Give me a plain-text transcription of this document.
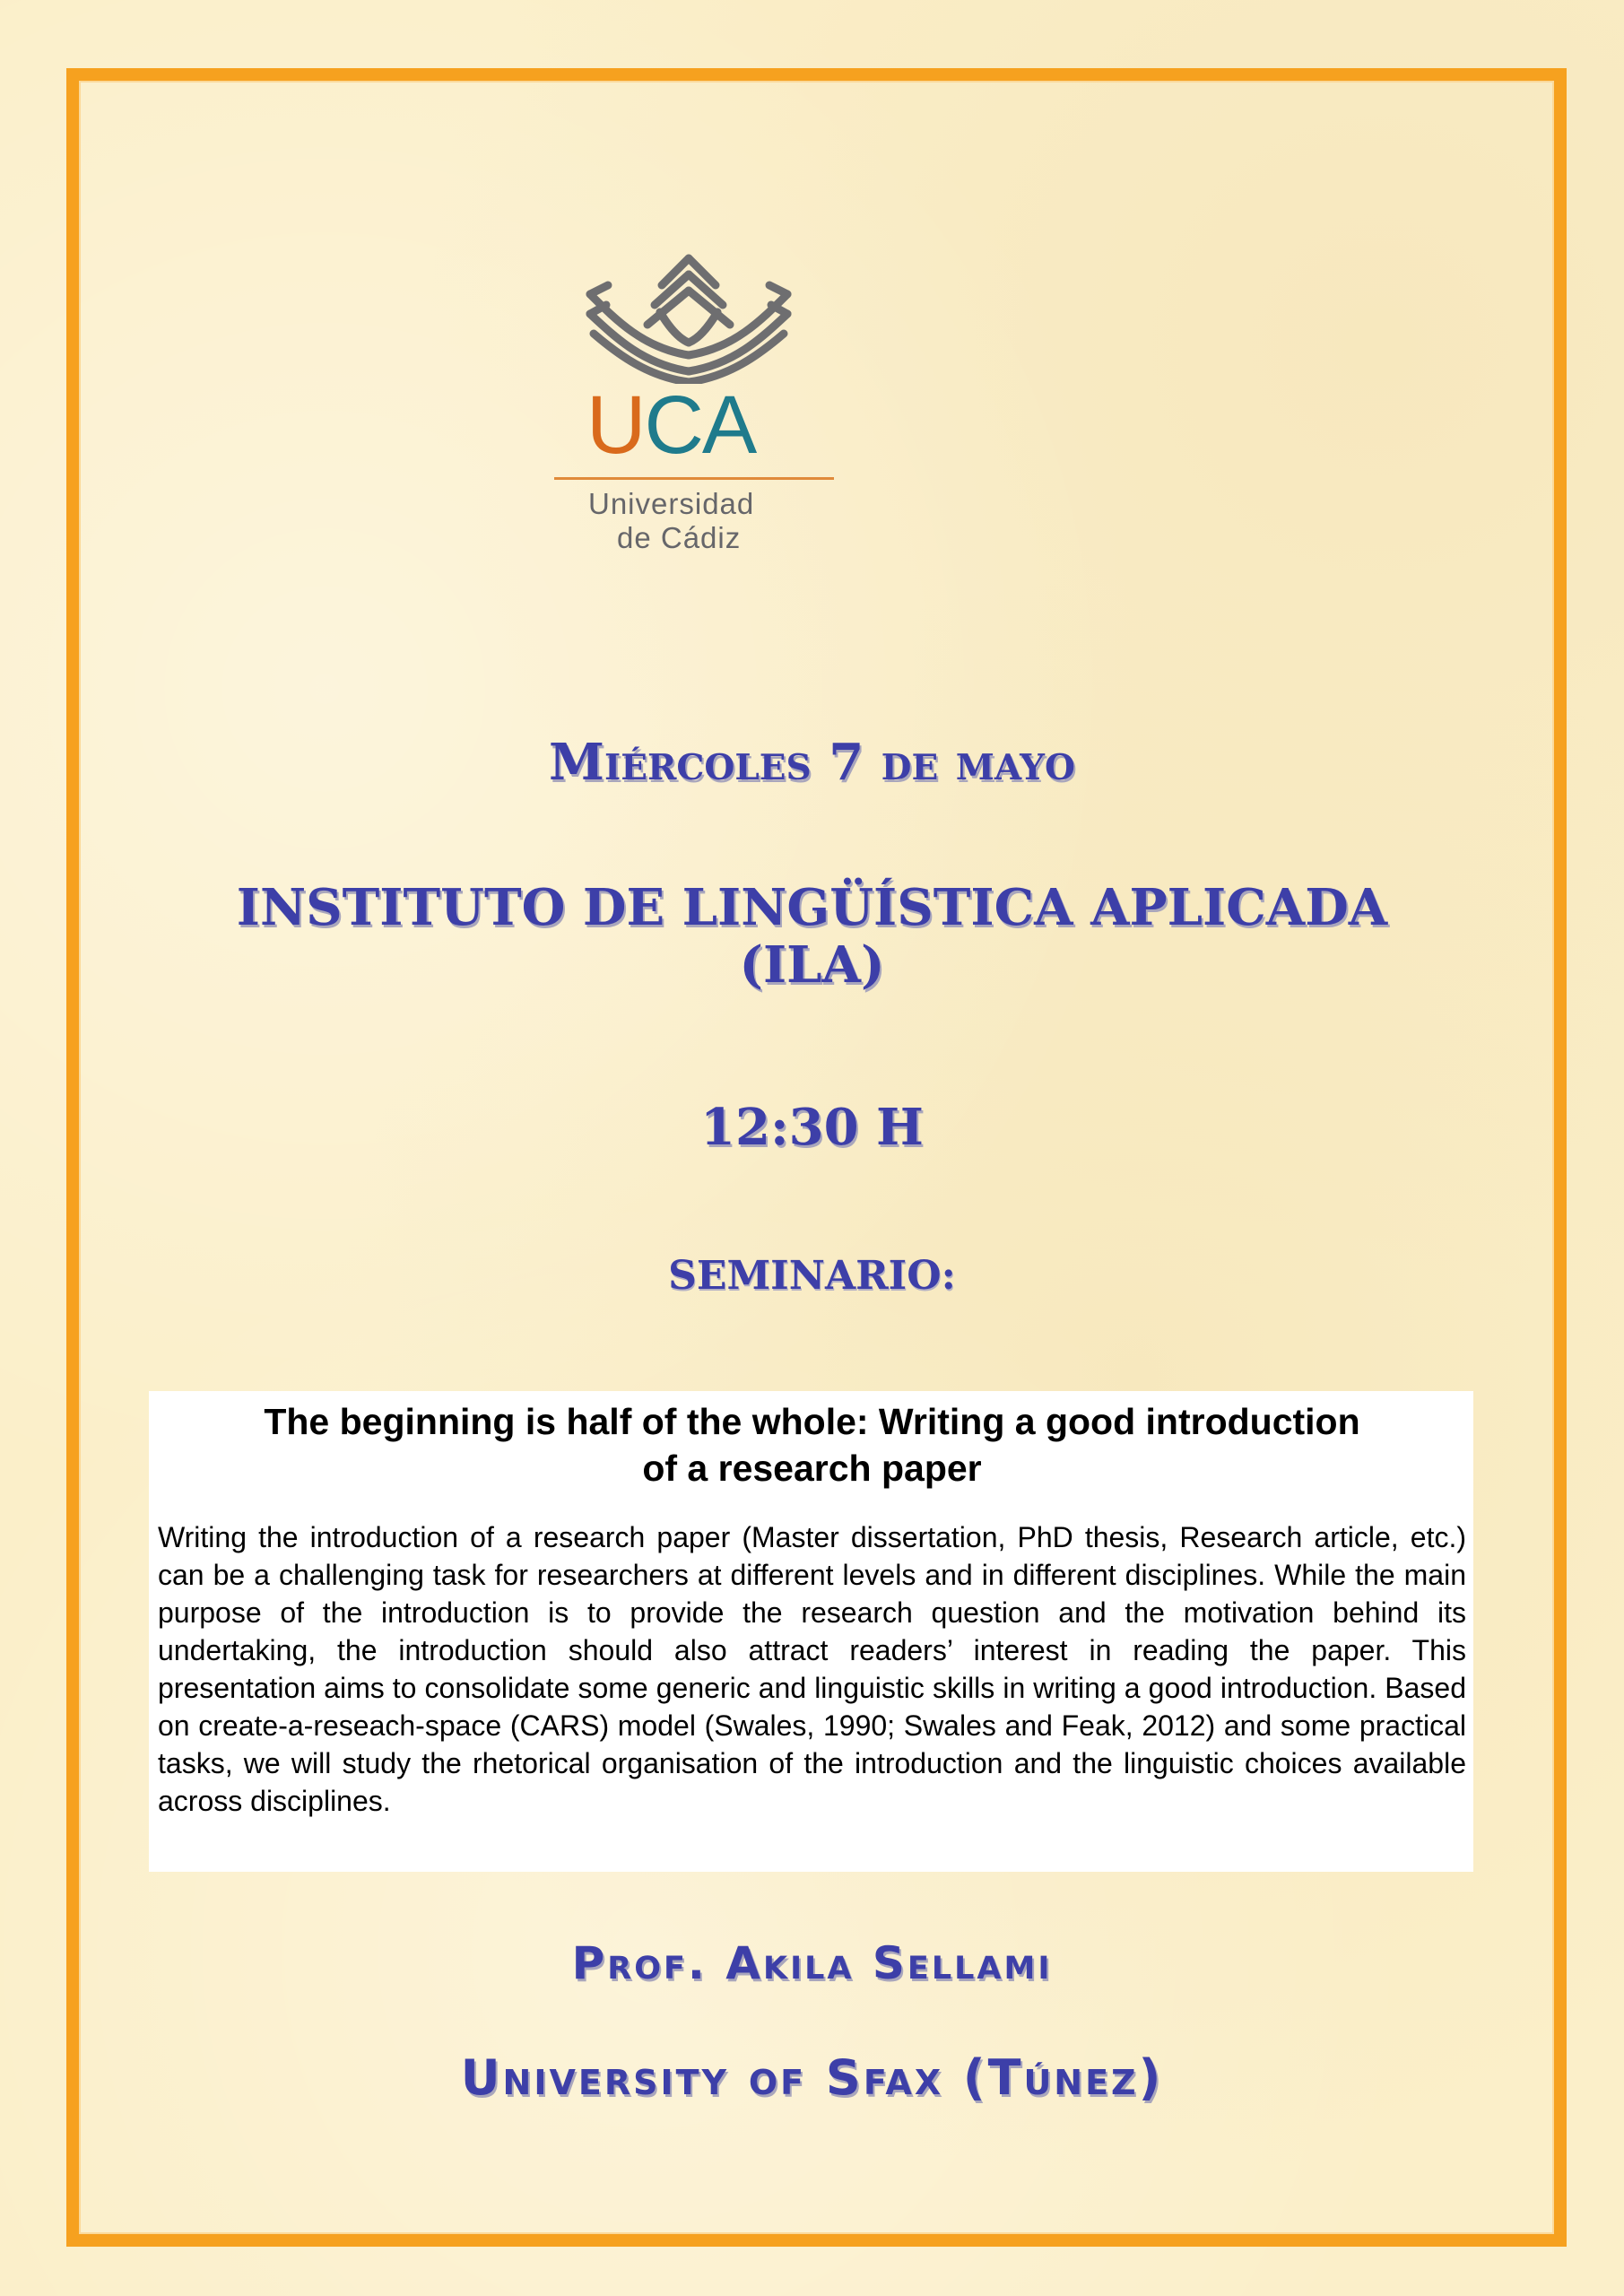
UCA
Universidad
de Cádiz
Miércoles 7 de mayo
INSTITUTO DE LINGÜÍSTICA APLICADA
(ILA)
12:30 H
SEMINARIO:

The beginning is half of the whole: Writing a good introduction
of a research paper

Writing the introduction of a research paper (Master dissertation, PhD thesis, Research article, etc.) can be a challenging task for researchers at different levels and in different disciplines. While the main purpose of the introduction is to provide the research question and the motivation behind its undertaking, the introduction should also attract readers’ interest in reading the paper. This presentation aims to consolidate some generic and linguistic skills in writing a good introduction. Based on create-a-reseach-space (CARS) model (Swales, 1990; Swales and Feak, 2012) and some practical tasks, we will study the rhetorical organisation of the introduction and the linguistic choices available across disciplines.

Prof. Akila Sellami
University of Sfax (Túnez)
